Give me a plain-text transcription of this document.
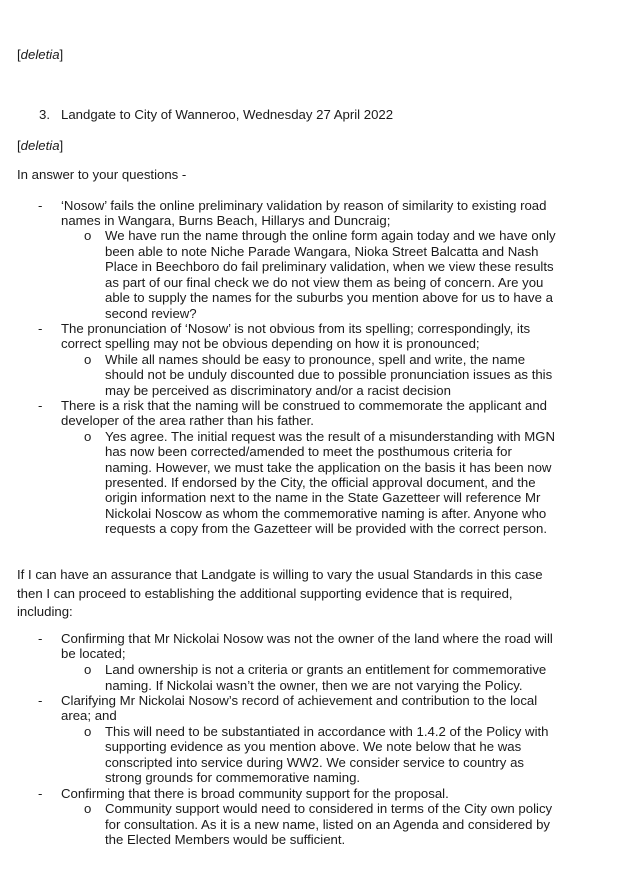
[deletia]
3. Landgate to City of Wanneroo, Wednesday 27 April 2022
[deletia]
In answer to your questions -
- ‘Nosow’ fails the online preliminary validation by reason of similarity to existing road
names in Wangara, Burns Beach, Hillarys and Duncraig;
o We have run the name through the online form again today and we have only
been able to note Niche Parade Wangara, Nioka Street Balcatta and Nash
Place in Beechboro do fail preliminary validation, when we view these results
as part of our final check we do not view them as being of concern. Are you
able to supply the names for the suburbs you mention above for us to have a
second review?
- The pronunciation of ‘Nosow’ is not obvious from its spelling; correspondingly, its
correct spelling may not be obvious depending on how it is pronounced;
o While all names should be easy to pronounce, spell and write, the name
should not be unduly discounted due to possible pronunciation issues as this
may be perceived as discriminatory and/or a racist decision
- There is a risk that the naming will be construed to commemorate the applicant and
developer of the area rather than his father.
o Yes agree. The initial request was the result of a misunderstanding with MGN
has now been corrected/amended to meet the posthumous criteria for
naming. However, we must take the application on the basis it has been now
presented. If endorsed by the City, the official approval document, and the
origin information next to the name in the State Gazetteer will reference Mr
Nickolai Noscow as whom the commemorative naming is after. Anyone who
requests a copy from the Gazetteer will be provided with the correct person.
If I can have an assurance that Landgate is willing to vary the usual Standards in this case
then I can proceed to establishing the additional supporting evidence that is required,
including:
- Confirming that Mr Nickolai Nosow was not the owner of the land where the road will
be located;
o Land ownership is not a criteria or grants an entitlement for commemorative
naming. If Nickolai wasn’t the owner, then we are not varying the Policy.
- Clarifying Mr Nickolai Nosow’s record of achievement and contribution to the local
area; and
o This will need to be substantiated in accordance with 1.4.2 of the Policy with
supporting evidence as you mention above. We note below that he was
conscripted into service during WW2. We consider service to country as
strong grounds for commemorative naming.
- Confirming that there is broad community support for the proposal.
o Community support would need to considered in terms of the City own policy
for consultation. As it is a new name, listed on an Agenda and considered by
the Elected Members would be sufficient.
